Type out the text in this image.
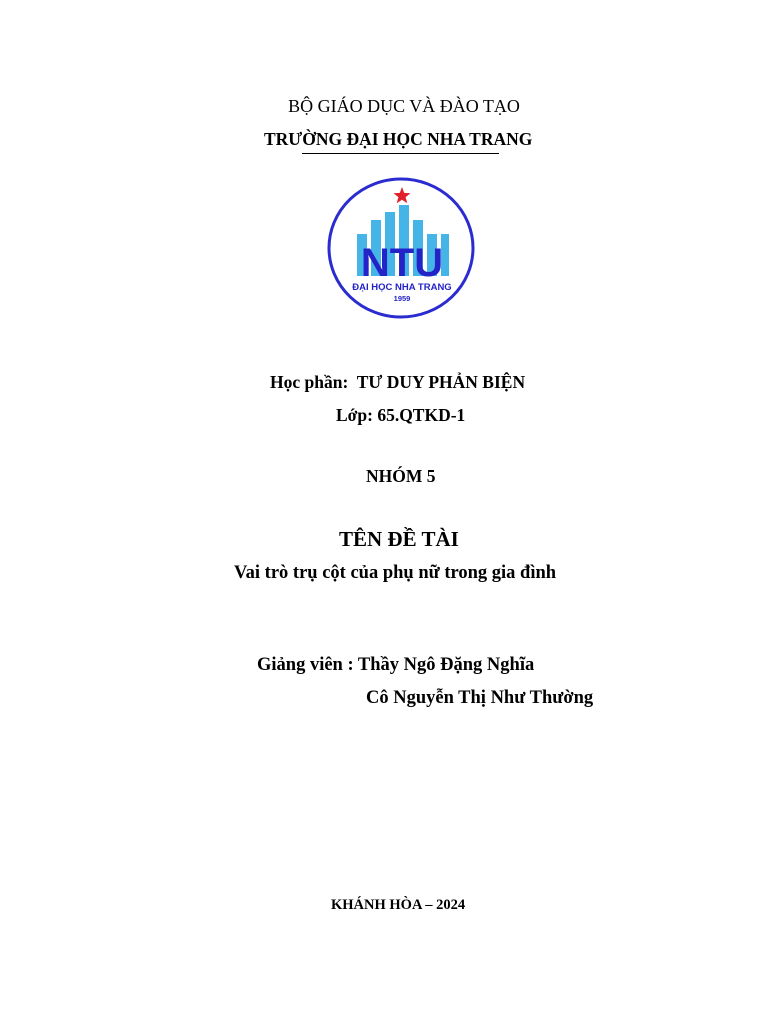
BỘ GIÁO DỤC VÀ ĐÀO TẠO
TRƯỜNG ĐẠI HỌC NHA TRANG
NTU
ĐẠI HỌC NHA TRANG
1959
Học phần: TƯ DUY PHẢN BIỆN
Lớp: 65.QTKD-1
NHÓM 5
TÊN ĐỀ TÀI
Vai trò trụ cột của phụ nữ trong gia đình
Giảng viên : Thầy Ngô Đặng Nghĩa
Cô Nguyễn Thị Như Thường
KHÁNH HÒA – 2024
